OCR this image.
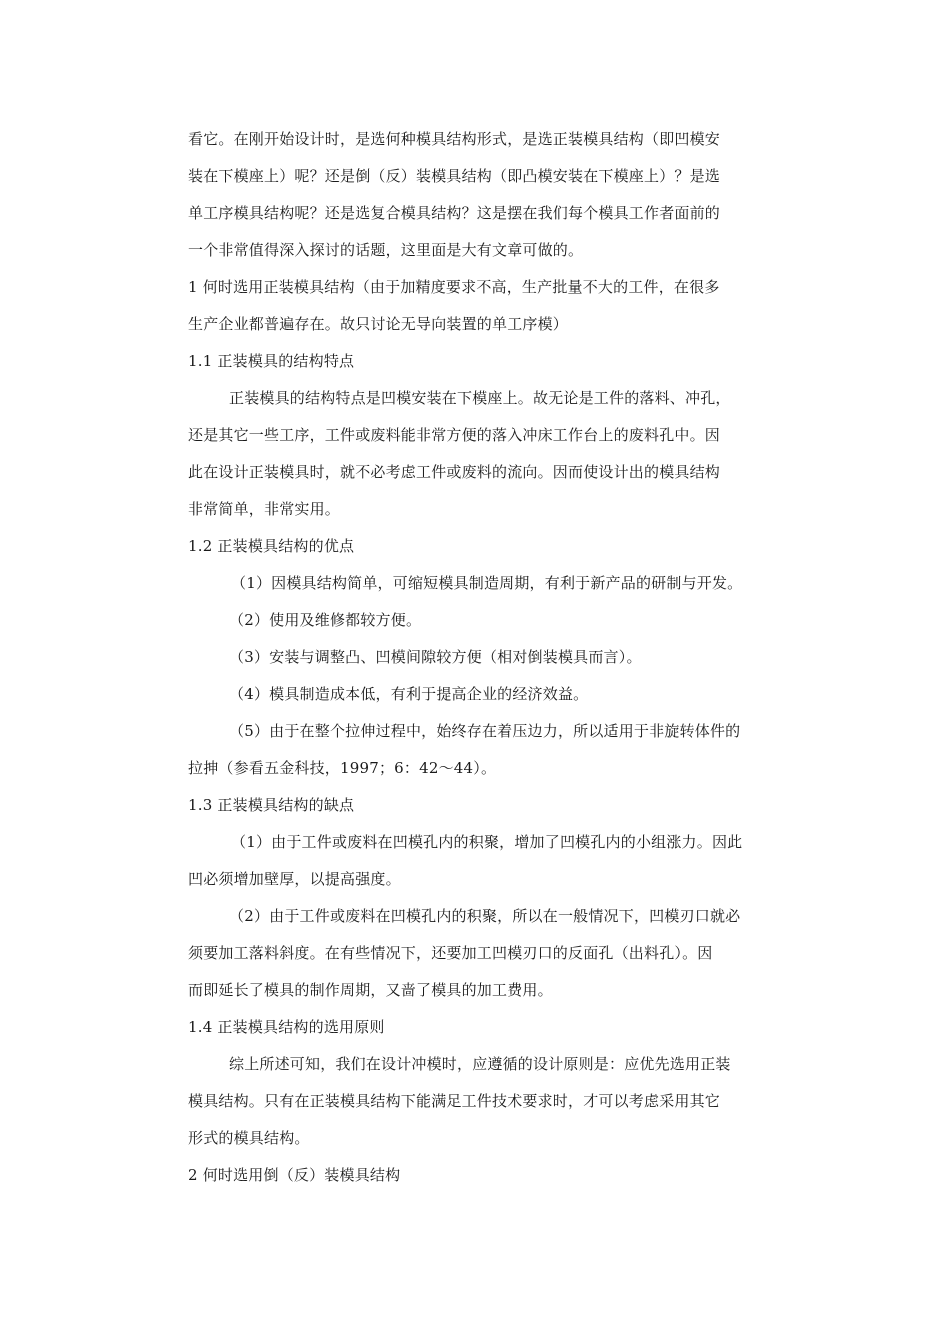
看它。在刚开始设计时，是选何种模具结构形式，是选正装模具结构（即凹模安
装在下模座上）呢？还是倒（反）装模具结构（即凸模安装在下模座上）？是选
单工序模具结构呢？还是选复合模具结构？这是摆在我们每个模具工作者面前的
一个非常值得深入探讨的话题，这里面是大有文章可做的。
1 何时选用正装模具结构（由于加精度要求不高，生产批量不大的工件，在很多
生产企业都普遍存在。故只讨论无导向装置的单工序模）
1.1 正装模具的结构特点
正装模具的结构特点是凹模安装在下模座上。故无论是工件的落料、冲孔，
还是其它一些工序，工件或废料能非常方便的落入冲床工作台上的废料孔中。因
此在设计正装模具时，就不必考虑工件或废料的流向。因而使设计出的模具结构
非常简单，非常实用。
1.2 正装模具结构的优点
（1）因模具结构简单，可缩短模具制造周期，有利于新产品的研制与开发。
（2）使用及维修都较方便。
（3）安装与调整凸、凹模间隙较方便（相对倒装模具而言）。
（4）模具制造成本低，有利于提高企业的经济效益。
（5）由于在整个拉伸过程中，始终存在着压边力，所以适用于非旋转体件的
拉抻（参看五金科技，1997；6：42～44）。
1.3 正装模具结构的缺点
（1）由于工件或废料在凹模孔内的积聚，增加了凹模孔内的小组涨力。因此
凹必须增加壁厚，以提高强度。
（2）由于工件或废料在凹模孔内的积聚，所以在一般情况下，凹模刃口就必
须要加工落料斜度。在有些情况下，还要加工凹模刃口的反面孔（出料孔）。因
而即延长了模具的制作周期，又啬了模具的加工费用。
1.4 正装模具结构的选用原则
综上所述可知，我们在设计冲模时，应遵循的设计原则是：应优先选用正装
模具结构。只有在正装模具结构下能满足工件技术要求时，才可以考虑采用其它
形式的模具结构。
2 何时选用倒（反）装模具结构
